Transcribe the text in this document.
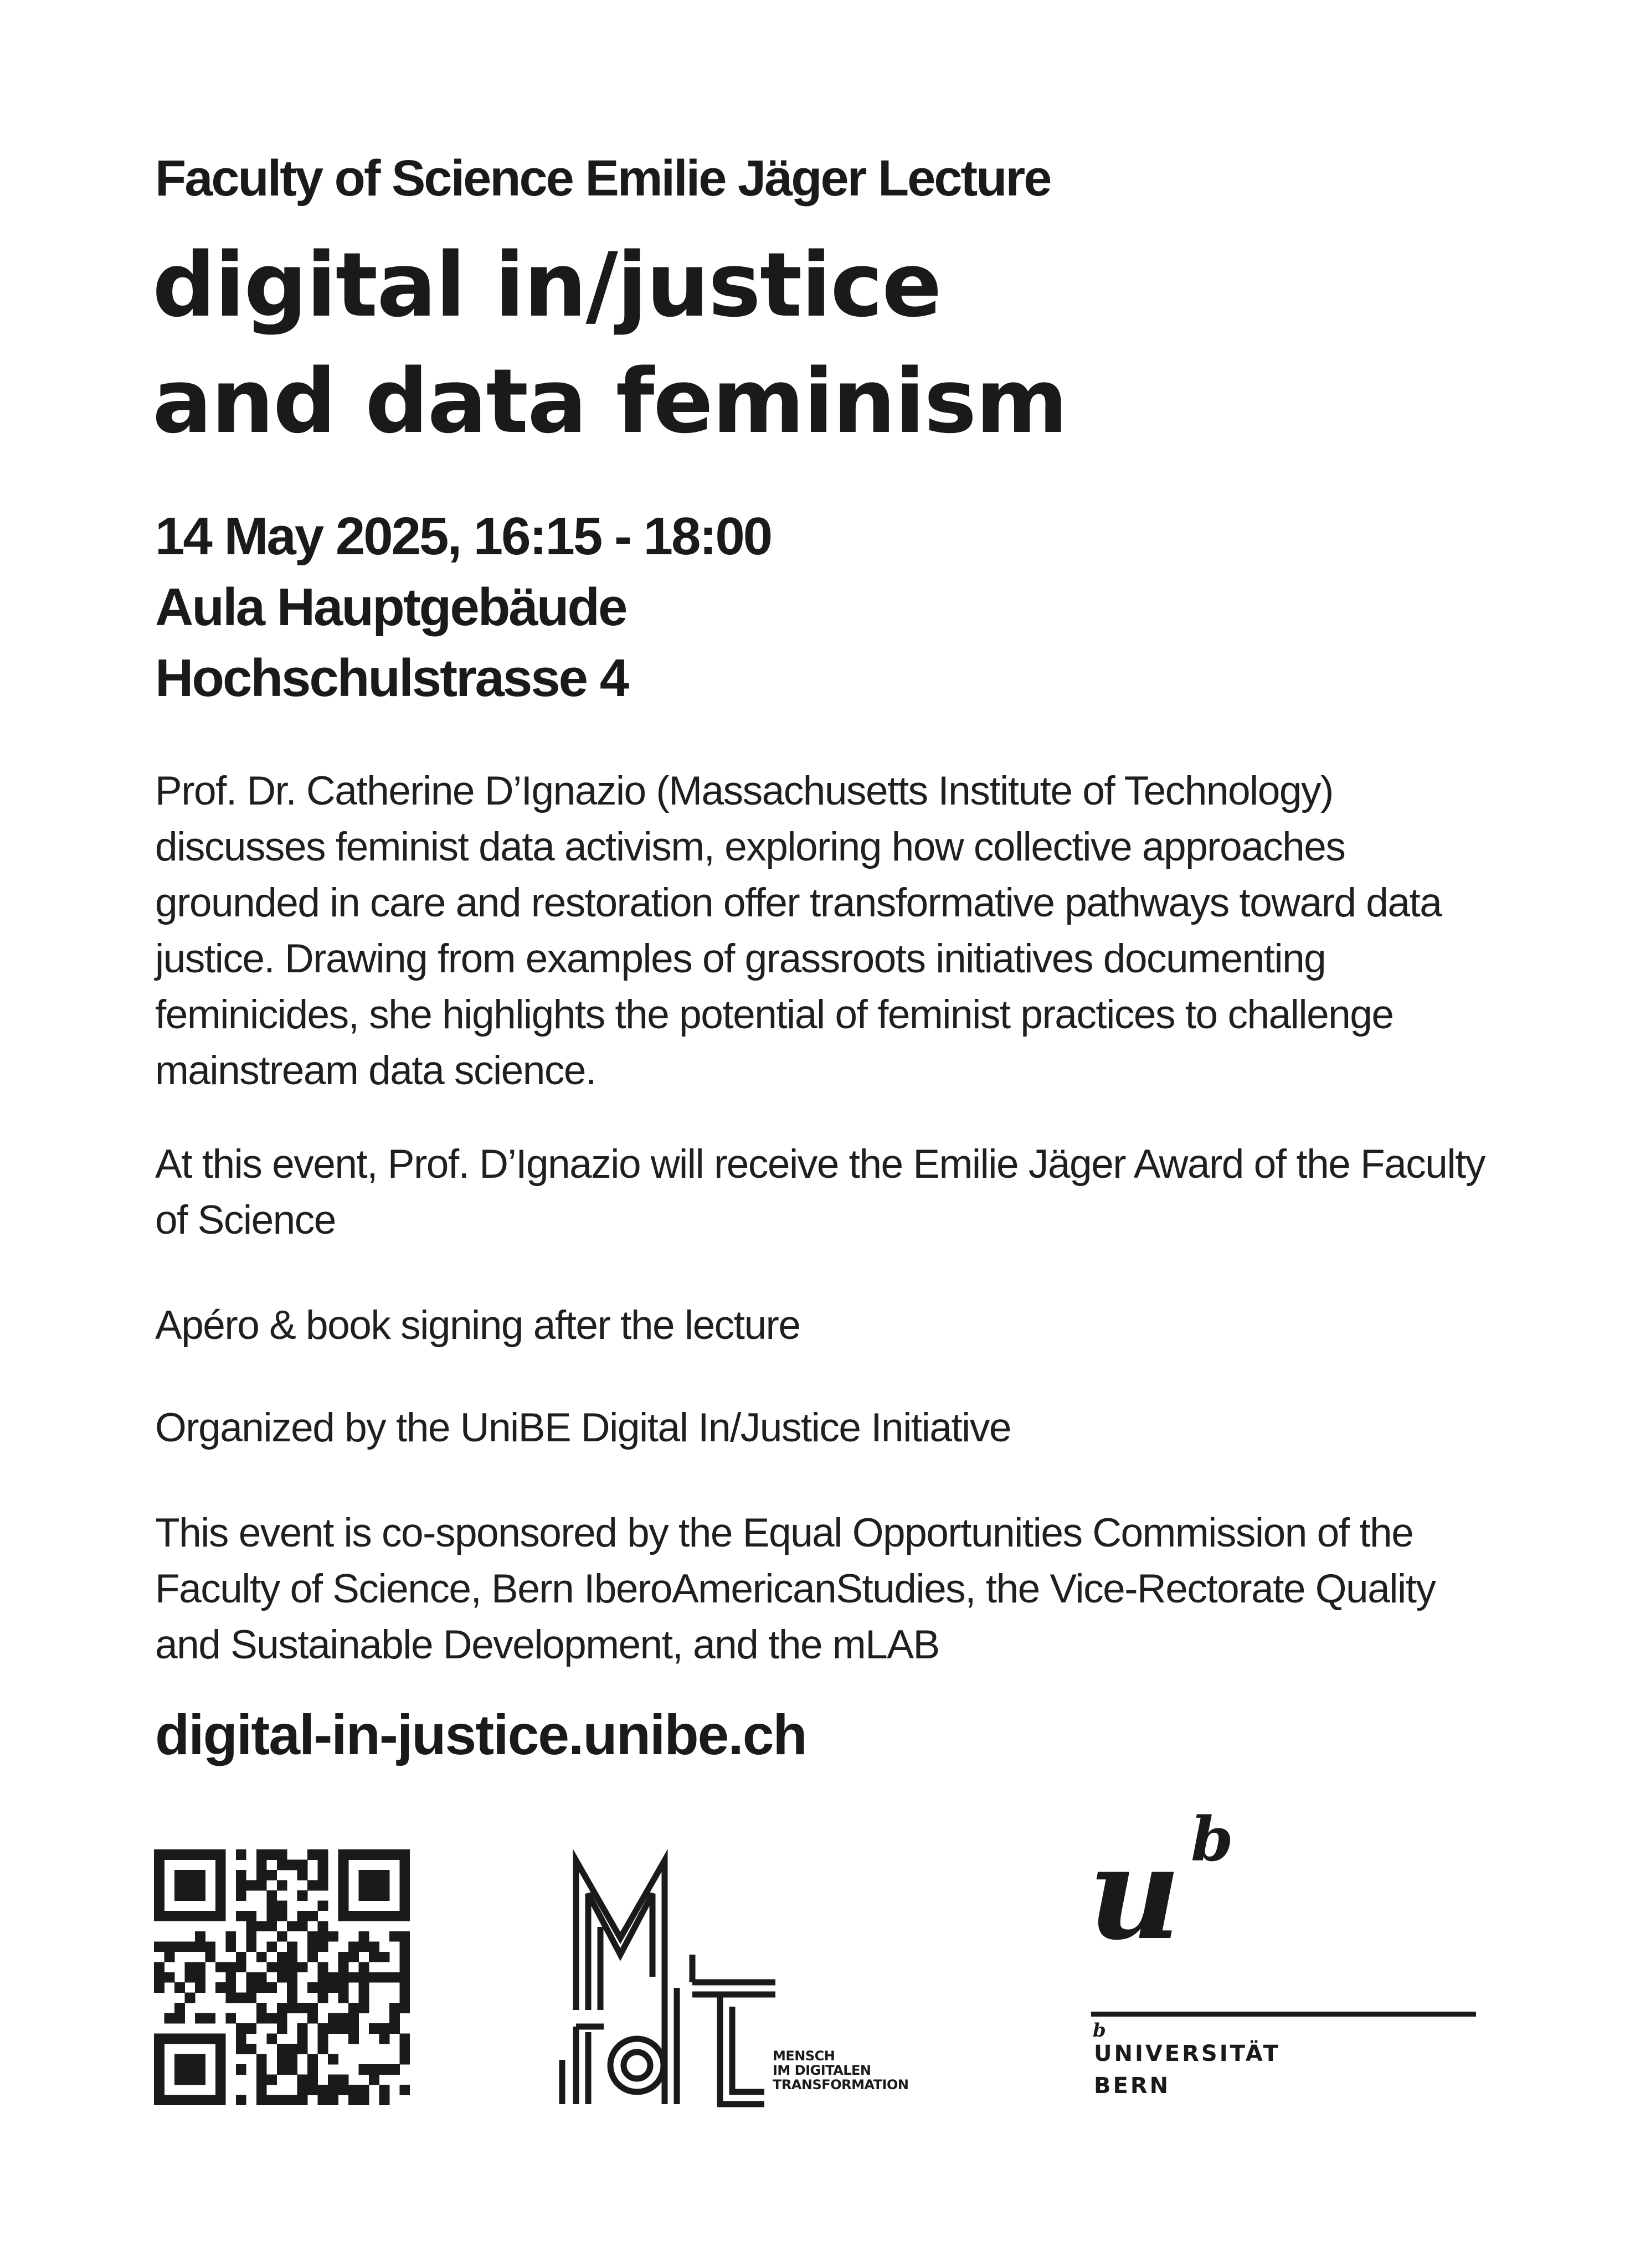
Faculty of Science Emilie Jäger Lecture
digital in/justice
and data feminism
14 May 2025, 16:15 - 18:00
Aula Hauptgebäude
Hochschulstrasse 4
Prof. Dr. Catherine D’Ignazio (Massachusetts Institute of Technology) discusses feminist data activism, exploring how collective approaches grounded in care and restoration offer transformative pathways toward data justice. Drawing from examples of grassroots initiatives documenting feminicides, she highlights the potential of feminist practices to challenge mainstream data science.
At this event, Prof. D’Ignazio will receive the Emilie Jäger Award of the Faculty of Science
Apéro & book signing after the lecture
Organized by the UniBE Digital In/Justice Initiative
This event is co-sponsored by the Equal Opportunities Commission of the Faculty of Science, Bern IberoAmericanStudies, the Vice-Rectorate Quality and Sustainable Development, and the mLAB
digital-in-justice.unibe.ch
MENSCH
IM DIGITALEN
TRANSFORMATION
u b
b
UNIVERSITÄT
BERN
